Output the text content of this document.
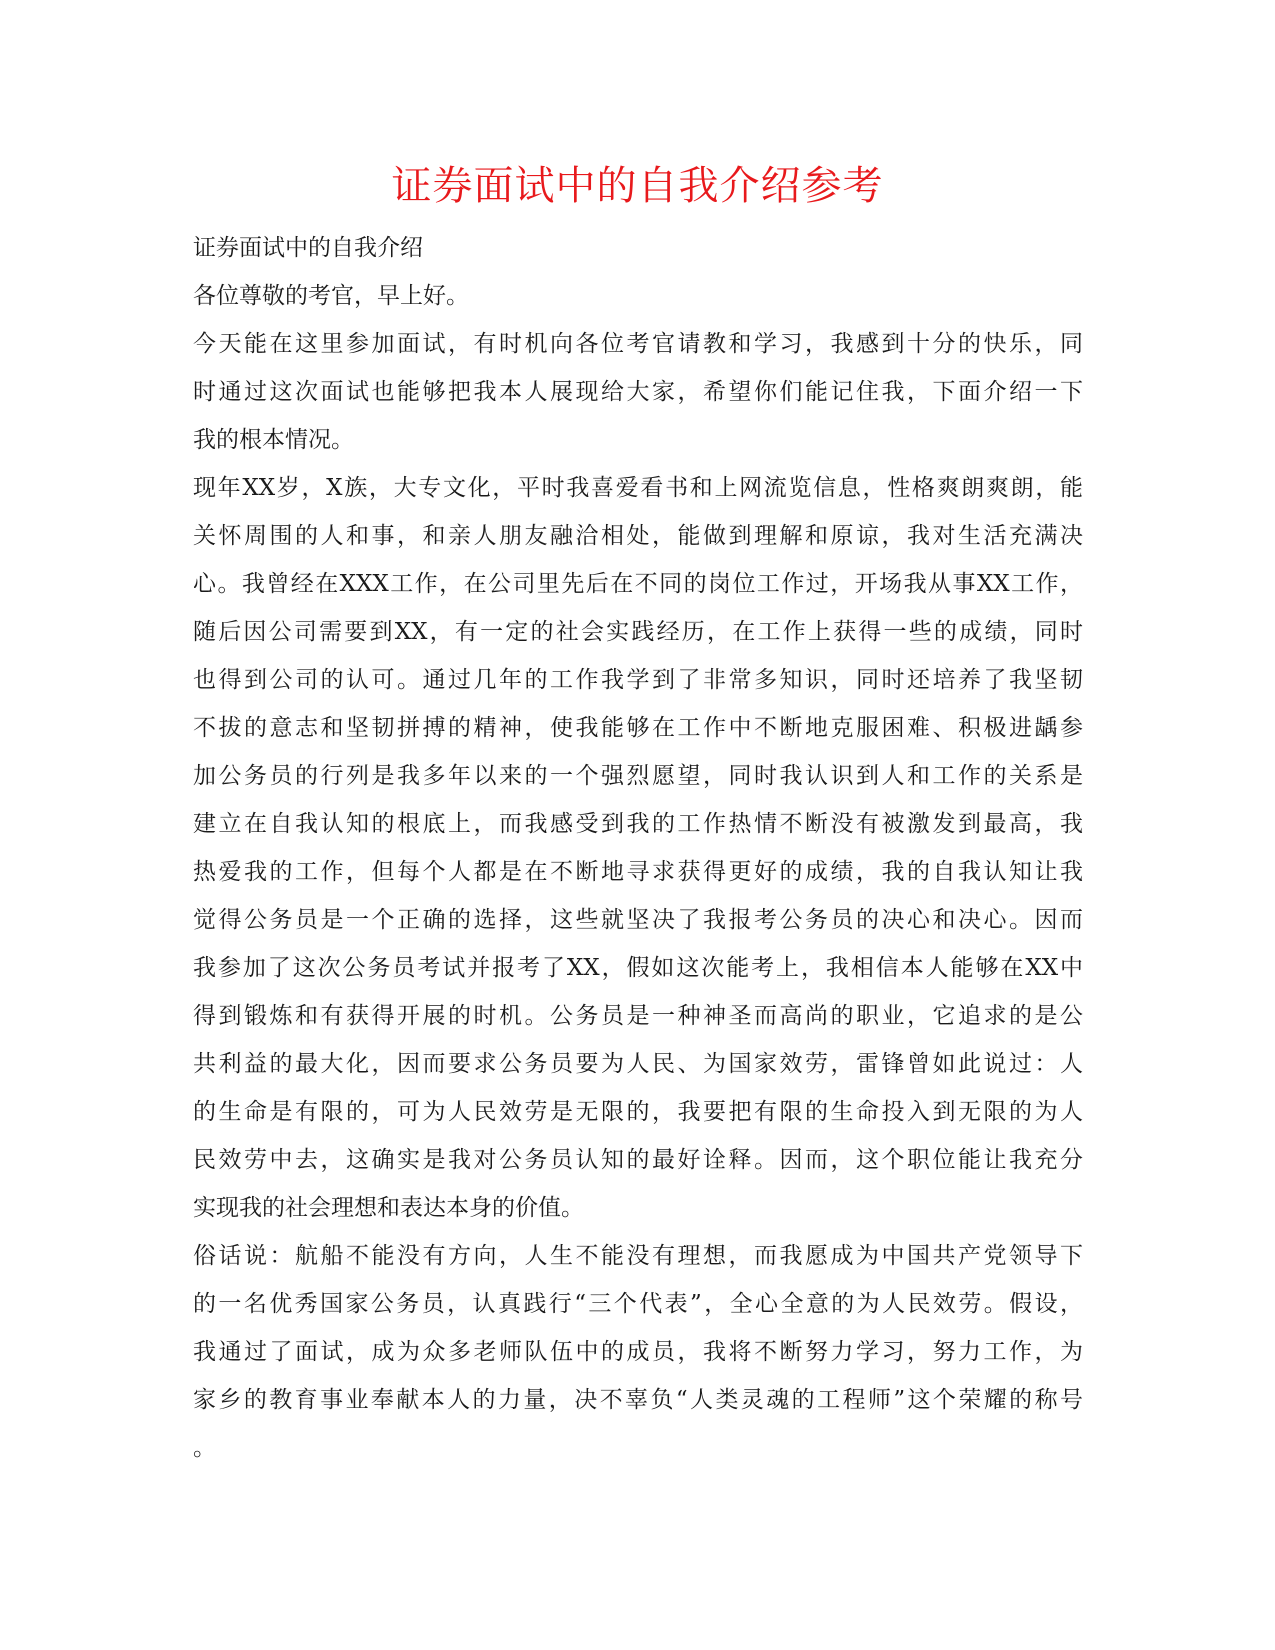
证券面试中的自我介绍参考
证券面试中的自我介绍
各位尊敬的考官，早上好。
今天能在这里参加面试，有时机向各位考官请教和学习，我感到十分的快乐，同
时通过这次面试也能够把我本人展现给大家，希望你们能记住我，下面介绍一下
我的根本情况。
现年XX岁，X族，大专文化，平时我喜爱看书和上网流览信息，性格爽朗爽朗，能
关怀周围的人和事，和亲人朋友融洽相处，能做到理解和原谅，我对生活充满决
心。我曾经在XXX工作，在公司里先后在不同的岗位工作过，开场我从事XX工作，
随后因公司需要到XX，有一定的社会实践经历，在工作上获得一些的成绩，同时
也得到公司的认可。通过几年的工作我学到了非常多知识，同时还培养了我坚韧
不拔的意志和坚韧拼搏的精神，使我能够在工作中不断地克服困难、积极进龋参
加公务员的行列是我多年以来的一个强烈愿望，同时我认识到人和工作的关系是
建立在自我认知的根底上，而我感受到我的工作热情不断没有被激发到最高，我
热爱我的工作，但每个人都是在不断地寻求获得更好的成绩，我的自我认知让我
觉得公务员是一个正确的选择，这些就坚决了我报考公务员的决心和决心。因而
我参加了这次公务员考试并报考了XX，假如这次能考上，我相信本人能够在XX中
得到锻炼和有获得开展的时机。公务员是一种神圣而高尚的职业，它追求的是公
共利益的最大化，因而要求公务员要为人民、为国家效劳，雷锋曾如此说过：人
的生命是有限的，可为人民效劳是无限的，我要把有限的生命投入到无限的为人
民效劳中去，这确实是我对公务员认知的最好诠释。因而，这个职位能让我充分
实现我的社会理想和表达本身的价值。
俗话说：航船不能没有方向，人生不能没有理想，而我愿成为中国共产党领导下
的一名优秀国家公务员，认真践行“三个代表”，全心全意的为人民效劳。假设，
我通过了面试，成为众多老师队伍中的成员，我将不断努力学习，努力工作，为
家乡的教育事业奉献本人的力量，决不辜负“人类灵魂的工程师”这个荣耀的称号
。
